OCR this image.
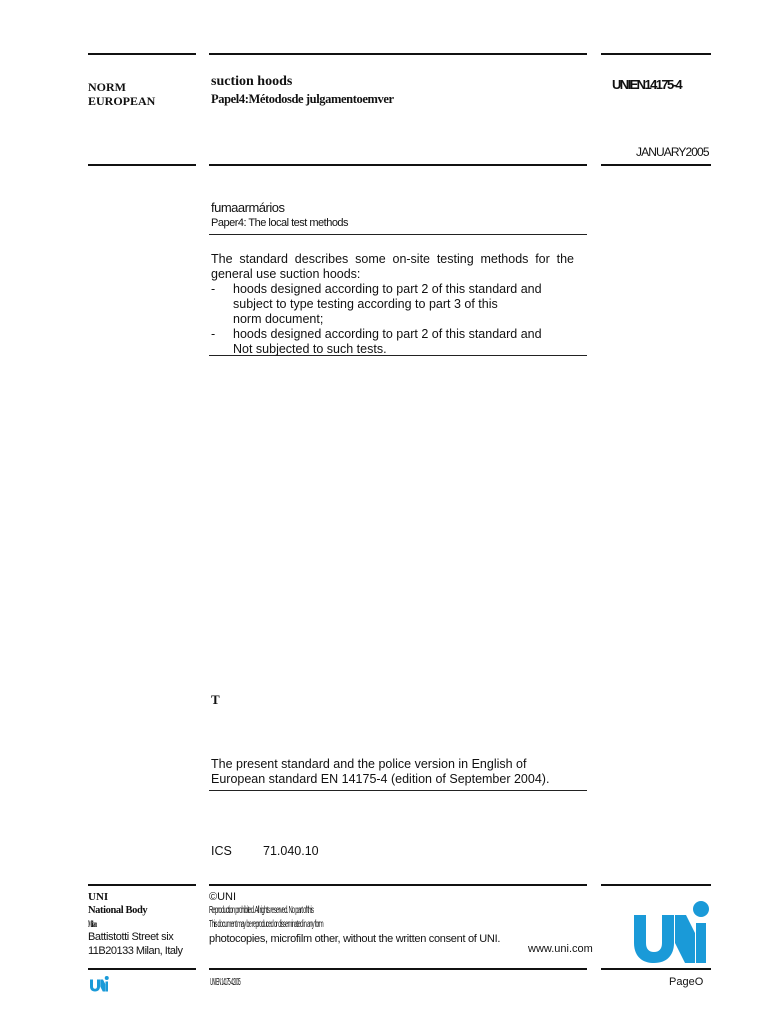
NORM
EUROPEAN
suction hoods
Papel4:Métodosde julgamentoemver
UNIEN14175-4
JANUARY2005
fumaarmários
Paper4: The local test methods
The standard describes some on-site testing methods for the general use suction hoods:
-	hoods designed according to part 2 of this standard and
subject to type testing according to part 3 of this
norm document;
-	hoods designed according to part 2 of this standard and
Not subjected to such tests.
T
The present standard and the police version in English of European standard EN 14175-4 (edition of September 2004).
ICS 71.040.10
UNI
National Body
Milan
Battistotti Street six
11B20133 Milan, Italy
©UNI
Reproduction prohibited. All rights reserved. No part of this
This document may be reproduced or disseminated in any form
photocopies, microfilm other, without the written consent of UNI.
www.uni.com
UNI EN 14175-4:2005	PageO
